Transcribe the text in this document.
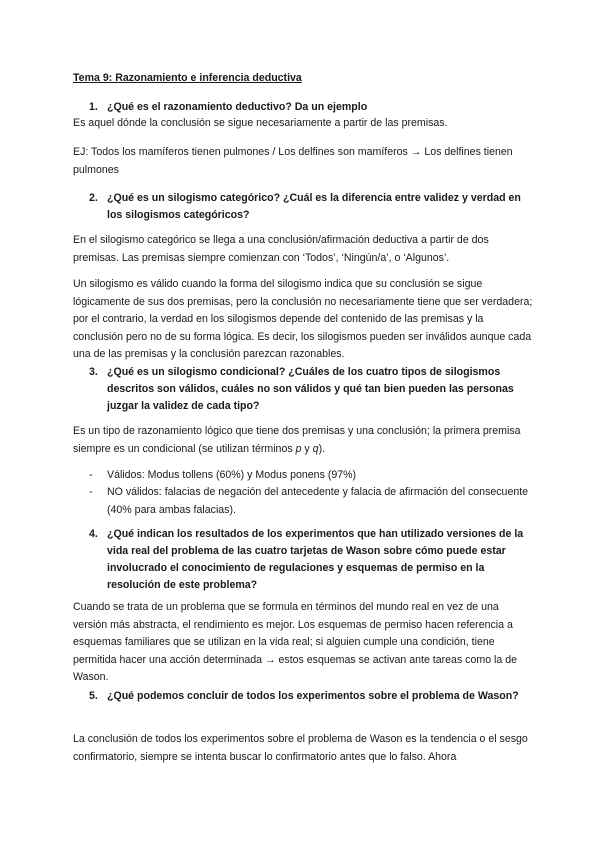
Tema 9: Razonamiento e inferencia deductiva
1. ¿Qué es el razonamiento deductivo? Da un ejemplo
Es aquel dónde la conclusión se sigue necesariamente a partir de las premisas.
EJ: Todos los mamíferos tienen pulmones / Los delfines son mamíferos → Los delfines tienen pulmones
2. ¿Qué es un silogismo categórico? ¿Cuál es la diferencia entre validez y verdad en los silogismos categóricos?
En el silogismo categórico se llega a una conclusión/afirmación deductiva a partir de dos premisas. Las premisas siempre comienzan con ‘Todos’, ‘Ningún/a’, o ‘Algunos’.
Un silogismo es válido cuando la forma del silogismo indica que su conclusión se sigue lógicamente de sus dos premisas, pero la conclusión no necesariamente tiene que ser verdadera; por el contrario, la verdad en los silogismos depende del contenido de las premisas y la conclusión pero no de su forma lógica. Es decir, los silogismos pueden ser inválidos aunque cada una de las premisas y la conclusión parezcan razonables.
3. ¿Qué es un silogismo condicional? ¿Cuáles de los cuatro tipos de silogismos descritos son válidos, cuáles no son válidos y qué tan bien pueden las personas juzgar la validez de cada tipo?
Es un tipo de razonamiento lógico que tiene dos premisas y una conclusión; la primera premisa siempre es un condicional (se utilizan términos p y q).
- Válidos: Modus tollens (60%) y Modus ponens (97%)
- NO válidos: falacias de negación del antecedente y falacia de afirmación del consecuente (40% para ambas falacias).
4. ¿Qué indican los resultados de los experimentos que han utilizado versiones de la vida real del problema de las cuatro tarjetas de Wason sobre cómo puede estar involucrado el conocimiento de regulaciones y esquemas de permiso en la resolución de este problema?
Cuando se trata de un problema que se formula en términos del mundo real en vez de una versión más abstracta, el rendimiento es mejor. Los esquemas de permiso hacen referencia a esquemas familiares que se utilizan en la vida real; si alguien cumple una condición, tiene permitida hacer una acción determinada → estos esquemas se activan ante tareas como la de Wason.
5. ¿Qué podemos concluir de todos los experimentos sobre el problema de Wason?
La conclusión de todos los experimentos sobre el problema de Wason es la tendencia o el sesgo confirmatorio, siempre se intenta buscar lo confirmatorio antes que lo falso. Ahora
